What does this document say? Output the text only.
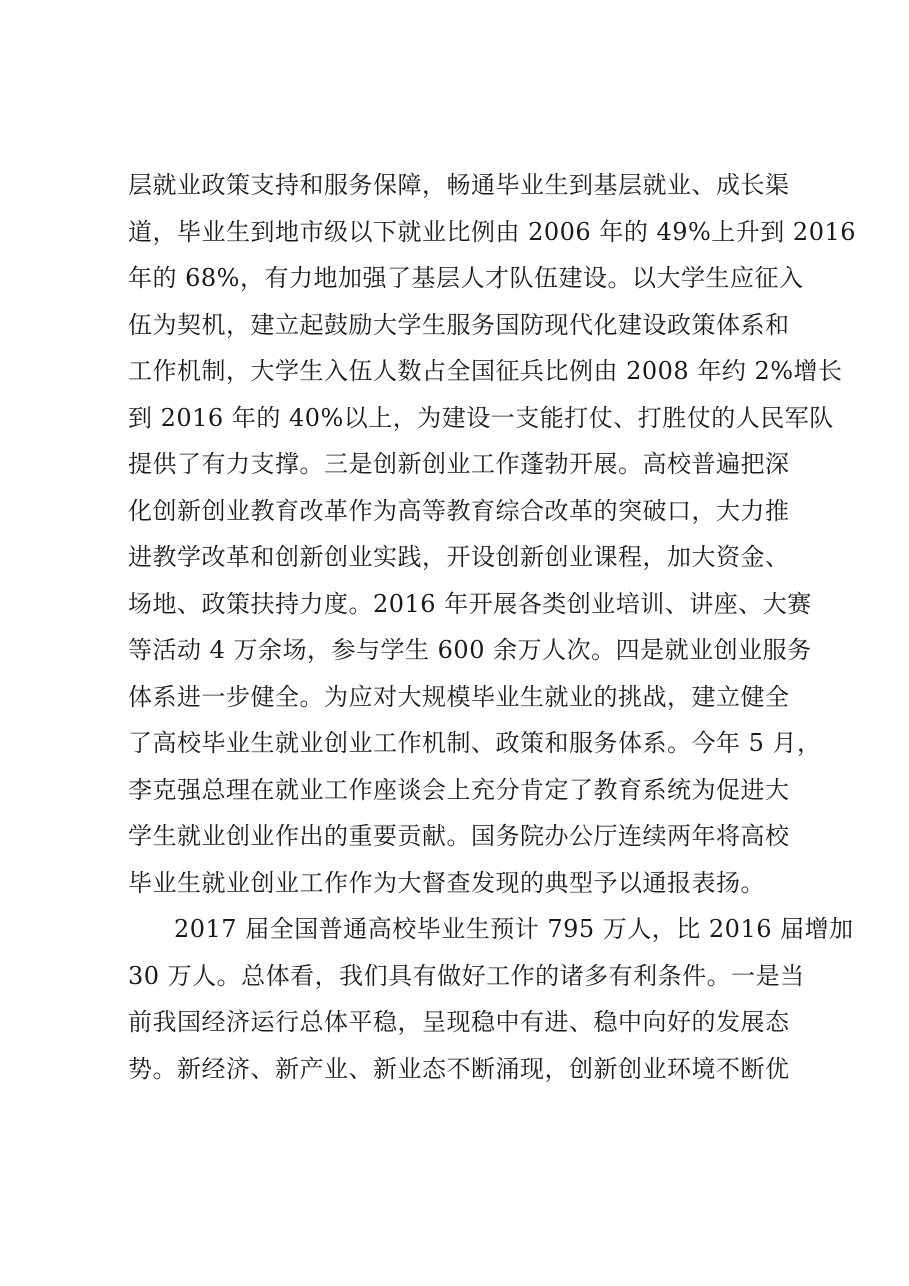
层就业政策支持和服务保障，畅通毕业生到基层就业、成长渠
道，毕业生到地市级以下就业比例由 2006 年的 49%上升到 2016
年的 68%，有力地加强了基层人才队伍建设。以大学生应征入
伍为契机，建立起鼓励大学生服务国防现代化建设政策体系和
工作机制，大学生入伍人数占全国征兵比例由 2008 年约 2%增长
到 2016 年的 40%以上，为建设一支能打仗、打胜仗的人民军队
提供了有力支撑。三是创新创业工作蓬勃开展。高校普遍把深
化创新创业教育改革作为高等教育综合改革的突破口，大力推
进教学改革和创新创业实践，开设创新创业课程，加大资金、
场地、政策扶持力度。2016 年开展各类创业培训、讲座、大赛
等活动 4 万余场，参与学生 600 余万人次。四是就业创业服务
体系进一步健全。为应对大规模毕业生就业的挑战，建立健全
了高校毕业生就业创业工作机制、政策和服务体系。今年 5 月，
李克强总理在就业工作座谈会上充分肯定了教育系统为促进大
学生就业创业作出的重要贡献。国务院办公厅连续两年将高校
毕业生就业创业工作作为大督查发现的典型予以通报表扬。
2017 届全国普通高校毕业生预计 795 万人，比 2016 届增加
30 万人。总体看，我们具有做好工作的诸多有利条件。一是当
前我国经济运行总体平稳，呈现稳中有进、稳中向好的发展态
势。新经济、新产业、新业态不断涌现，创新创业环境不断优
